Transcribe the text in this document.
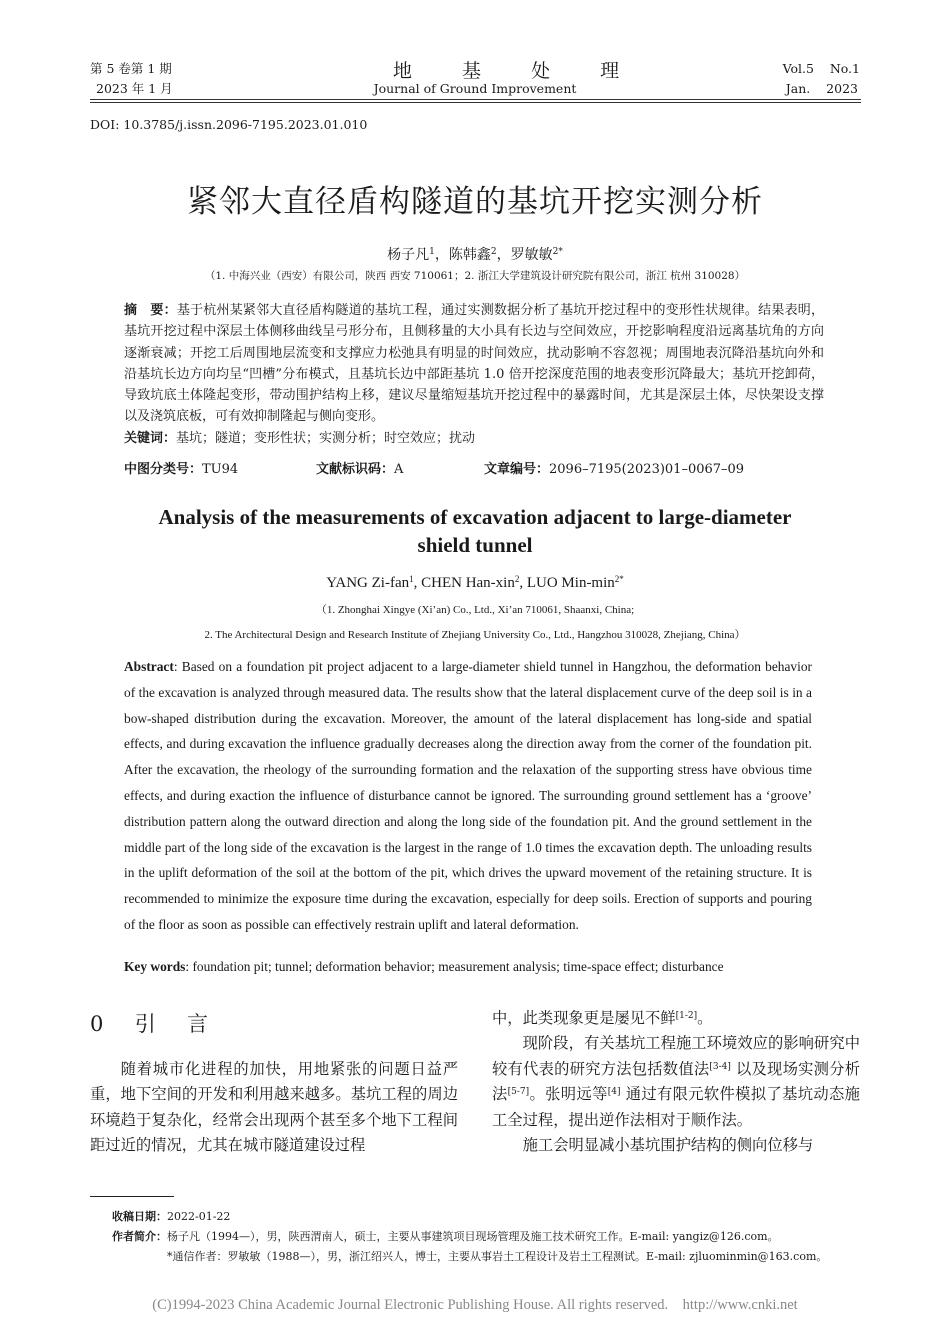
第 5 卷第 1 期
2023 年 1 月
地 基 处 理
Journal of Ground Improvement
Vol.5    No.1
Jan.    2023
DOI: 10.3785/j.issn.2096-7195.2023.01.010
紧邻大直径盾构隧道的基坑开挖实测分析
杨子凡$^1$，陈韩鑫$^2$，罗敏敏$^{2*}$
（1. 中海兴业（西安）有限公司，陕西 西安 710061；2. 浙江大学建筑设计研究院有限公司，浙江 杭州 310028）
摘　要：基于杭州某紧邻大直径盾构隧道的基坑工程，通过实测数据分析了基坑开挖过程中的变形性状规律。结果表明，基坑开挖过程中深层土体侧移曲线呈弓形分布，且侧移量的大小具有长边与空间效应，开挖影响程度沿远离基坑角的方向逐渐衰减；开挖工后周围地层流变和支撑应力松弛具有明显的时间效应，扰动影响不容忽视；周围地表沉降沿基坑向外和沿基坑长边方向均呈“凹槽”分布模式，且基坑长边中部距基坑 1.0 倍开挖深度范围的地表变形沉降最大；基坑开挖卸荷，导致坑底土体隆起变形，带动围护结构上移，建议尽量缩短基坑开挖过程中的暴露时间，尤其是深层土体，尽快架设支撑以及浇筑底板，可有效抑制隆起与侧向变形。
关键词：基坑；隧道；变形性状；实测分析；时空效应；扰动
中图分类号：TU94	文献标识码：A	文章编号：2096–7195(2023)01–0067–09
Analysis of the measurements of excavation adjacent to large-diameter
shield tunnel
YANG Zi-fan$^1$, CHEN Han-xin$^2$, LUO Min-$\min^{2*}$
（1. Zhonghai Xingye (Xi’an) Co., Ltd., Xi’an 710061, Shaanxi, China;
2. The Architectural Design and Research Institute of Zhejiang University Co., Ltd., Hangzhou 310028, Zhejiang, China）
Abstract: Based on a foundation pit project adjacent to a large-diameter shield tunnel in Hangzhou, the deformation behavior of the excavation is analyzed through measured data. The results show that the lateral displacement curve of the deep soil is in a bow-shaped distribution during the excavation. Moreover, the amount of the lateral displacement has long-side and spatial effects, and during excavation the influence gradually decreases along the direction away from the corner of the foundation pit. After the excavation, the rheology of the surrounding formation and the relaxation of the supporting stress have obvious time effects, and during exaction the influence of disturbance cannot be ignored. The surrounding ground settlement has a ‘groove’ distribution pattern along the outward direction and along the long side of the foundation pit. And the ground settlement in the middle part of the long side of the excavation is the largest in the range of 1.0 times the excavation depth. The unloading results in the uplift deformation of the soil at the bottom of the pit, which drives the upward movement of the retaining structure. It is recommended to minimize the exposure time during the excavation, especially for deep soils. Erection of supports and pouring of the floor as soon as possible can effectively restrain uplift and lateral deformation.
Key words: foundation pit; tunnel; deformation behavior; measurement analysis; time-space effect; disturbance
0  引  言

随着城市化进程的加快，用地紧张的问题日益严重，地下空间的开发和利用越来越多。基坑工程的周边环境趋于复杂化，经常会出现两个甚至多个地下工程间距过近的情况，尤其在城市隧道建设过程

中，此类现象更是屡见不鲜[1-2]。

现阶段，有关基坑工程施工环境效应的影响研究中较有代表的研究方法包括数值法[3-4] 以及现场实测分析法[5-7]。张明远等[4] 通过有限元软件模拟了基坑动态施工全过程，提出逆作法相对于顺作法。

施工会明显减小基坑围护结构的侧向位移与

收稿日期：2022-01-22
作者简介：杨子凡（1994—），男，陕西渭南人，硕士，主要从事建筑项目现场管理及施工技术研究工作。E-mail: yangiz@126.com。
*通信作者：罗敏敏（1988—），男，浙江绍兴人，博士，主要从事岩土工程设计及岩土工程测试。E-mail: zjluominmin@163.com。
(C)1994-2023 China Academic Journal Electronic Publishing House. All rights reserved.    http://www.cnki.net
